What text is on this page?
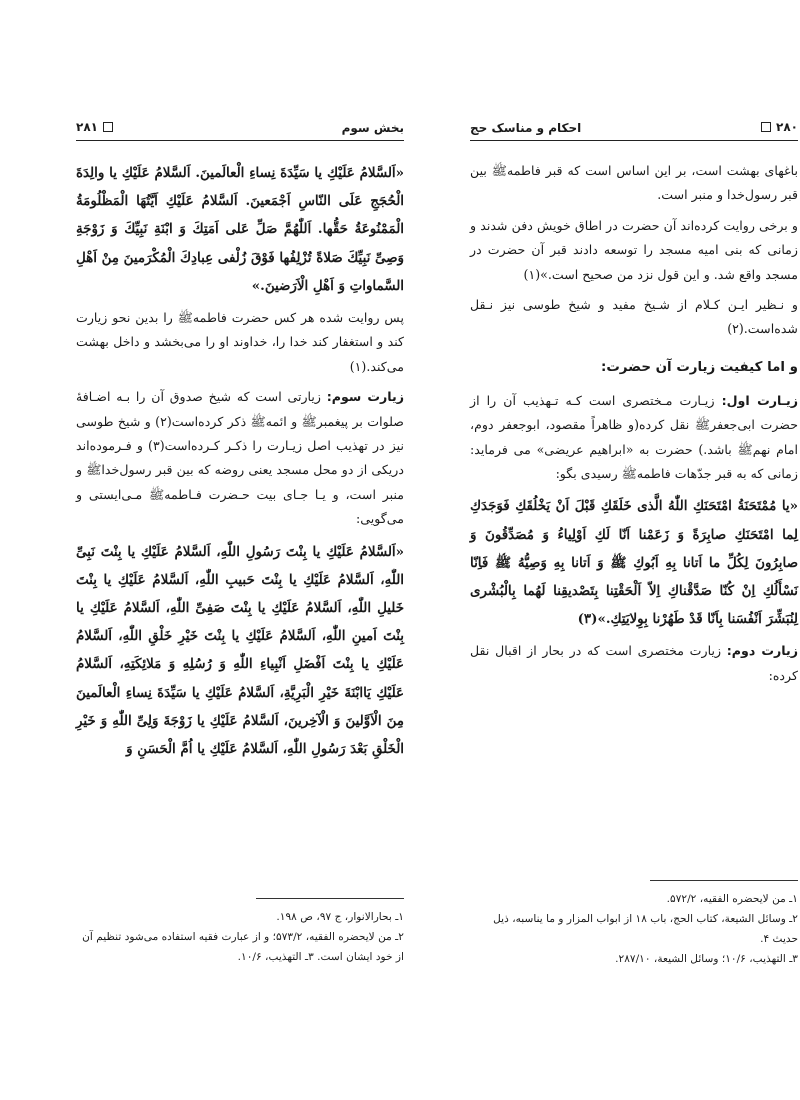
۲۸۰
احکام و مناسک حج

باغهای بهشت است، بر این اساس است که قبر فاطمهﷺ بین قبر رسول‌خدا و منبر است.

و برخی روایت کرده‌اند آن حضرت در اطاق خویش دفن شدند و زمانی که بنی امیه مسجد را توسعه دادند قبر آن حضرت در مسجد واقع شد. و این قول نزد من صحیح است.»(۱)

و نـظیر ایـن کـلام از شـیخ مفید و شیخ طوسی نیز نـقل شده‌است.(۲)

و اما کیفیت زیارت آن حضرت:

زیـارت اول: زیـارت مـختصری است کـه تـهذیب آن را از حضرت ابی‌جعفرﷺ نقل کرده(و ظاهراً مقصود، ابوجعفر دوم، امام نهمﷺ باشد.) حضرت به «ابراهیم عریضی» می فرماید: زمانی که به قبر جدّهات فاطمهﷺ رسیدی بگو:

«یا مُمْتَحَنَةُ امْتَحَنَكِ اللّٰهُ الَّذی خَلَقَكِ قَبْلَ اَنْ یَخْلُقَكِ فَوَجَدَكِ لِما امْتَحَنَكِ صابِرَةً وَ زَعَمْنا اَنّا لَكِ اَوْلِیاءُ وَ مُصَدِّقُونَ وَ صابِرُونَ لِكُلِّ ما اَتانا بِهِ اَبُوكِ ﷺ وَ اَتانا بِهِ وَصِیُّهُ ﷺ فَاِنّا نَسْأَلُكِ اِنْ كُنّا صَدَّقْناكِ اِلاّ اَلْحَقْتِنا بِتَصْدیقِنا لَهُما بِالْبُشْرى لِنُبَشِّرَ اَنْفُسَنا بِاَنّا قَدْ طَهُرْنا بِوِلایَتِكِ.»(۳)

زیارت دوم: زیارت مختصری است که در بحار از اقبال نقل کرده:

۱ـ من لایحضره الفقیه، ۵۷۲/۲.

۲ـ وسائل الشیعة، کتاب الحج، باب ۱۸ از ابواب المزار و ما یناسبه، ذیل حدیث ۴.

۳ـ التهذیب، ۱۰/۶؛ وسائل الشیعة، ۲۸۷/۱۰.

۲۸۱	بخش سوم

«اَلسَّلامُ عَلَیْكِ یا سَیِّدَةَ نِساءِ الْعالَمینَ. اَلسَّلامُ عَلَیْكِ یا والِدَةَ الْحُجَجِ عَلَى النّاسِ اَجْمَعینَ. اَلسَّلامُ عَلَیْكِ اَیَّتُهَا الْمَظْلُومَةُ الْمَمْنُوعَةُ حَقُّها. اَللّٰهُمَّ صَلِّ عَلى اَمَتِكَ وَ ابْنَةِ نَبِیِّكَ وَ زَوْجَةِ وَصِیِّ نَبِیِّكَ صَلاةً تُزْلِفُها فَوْقَ زُلْفى عِبادِكَ الْمُكْرَمینَ مِنْ اَهْلِ السَّماواتِ وَ اَهْلِ الْاَرَضینَ.»

پس روایت شده هر کس حضرت فاطمهﷺ را بدین نحو زیارت کند و استغفار کند خدا را، خداوند او را می‌بخشد و داخل بهشت می‌کند.(۱)

زیارت سوم: زیارتی است که شیخ صدوق آن را بـه اضـافهٔ صلوات بر پیغمبرﷺ و ائمهﷺ ذکر کرده‌است(۲) و شیخ طوسی نیز در تهذیب اصل زیـارت را ذکـر کـرده‌است(۳) و فـرموده‌اند دریکی از دو محل مسجد یعنی روضه که بین قبر رسول‌خداﷺ و منبر است، و یـا جـای بیت حـضرت فـاطمهﷺ مـی‌ایستی و می‌گویی:

«اَلسَّلامُ عَلَیْكِ یا بِنْتَ رَسُولِ اللّٰهِ، اَلسَّلامُ عَلَیْكِ یا بِنْتَ نَبِیِّ اللّٰهِ، اَلسَّلامُ عَلَیْكِ یا بِنْتَ حَبیبِ اللّٰهِ، اَلسَّلامُ عَلَیْكِ یا بِنْتَ خَلیلِ اللّٰهِ، اَلسَّلامُ عَلَیْكِ یا بِنْتَ صَفِیِّ اللّٰهِ، اَلسَّلامُ عَلَیْكِ یا بِنْتَ اَمینِ اللّٰهِ، اَلسَّلامُ عَلَیْكِ یا بِنْتَ خَیْرِ خَلْقِ اللّٰهِ، اَلسَّلامُ عَلَیْكِ یا بِنْتَ اَفْضَلِ اَنْبِیاءِ اللّٰهِ وَ رُسُلِهِ وَ مَلائِكَتِهِ، اَلسَّلامُ عَلَیْكِ یَاابْنَةَ خَیْرِ الْبَرِیَّةِ، اَلسَّلامُ عَلَیْكِ یا سَیِّدَةَ نِساءِ الْعالَمینَ مِنَ الْاَوَّلینَ وَ الْآخِرینَ، اَلسَّلامُ عَلَیْكِ یا زَوْجَةَ وَلِیِّ اللّٰهِ وَ خَیْرِ الْخَلْقِ بَعْدَ رَسُولِ اللّٰهِ، اَلسَّلامُ عَلَیْكِ یا اُمَّ الْحَسَنِ وَ

۱ـ بحارالانوار، ج ۹۷، ص ۱۹۸.

۲ـ من لایحضره الفقیه، ۵۷۳/۲؛ و از عبارت فقیه استفاده می‌شود تنظیم آن از خود ایشان است. ۳ـ التهذیب، ۱۰/۶.
